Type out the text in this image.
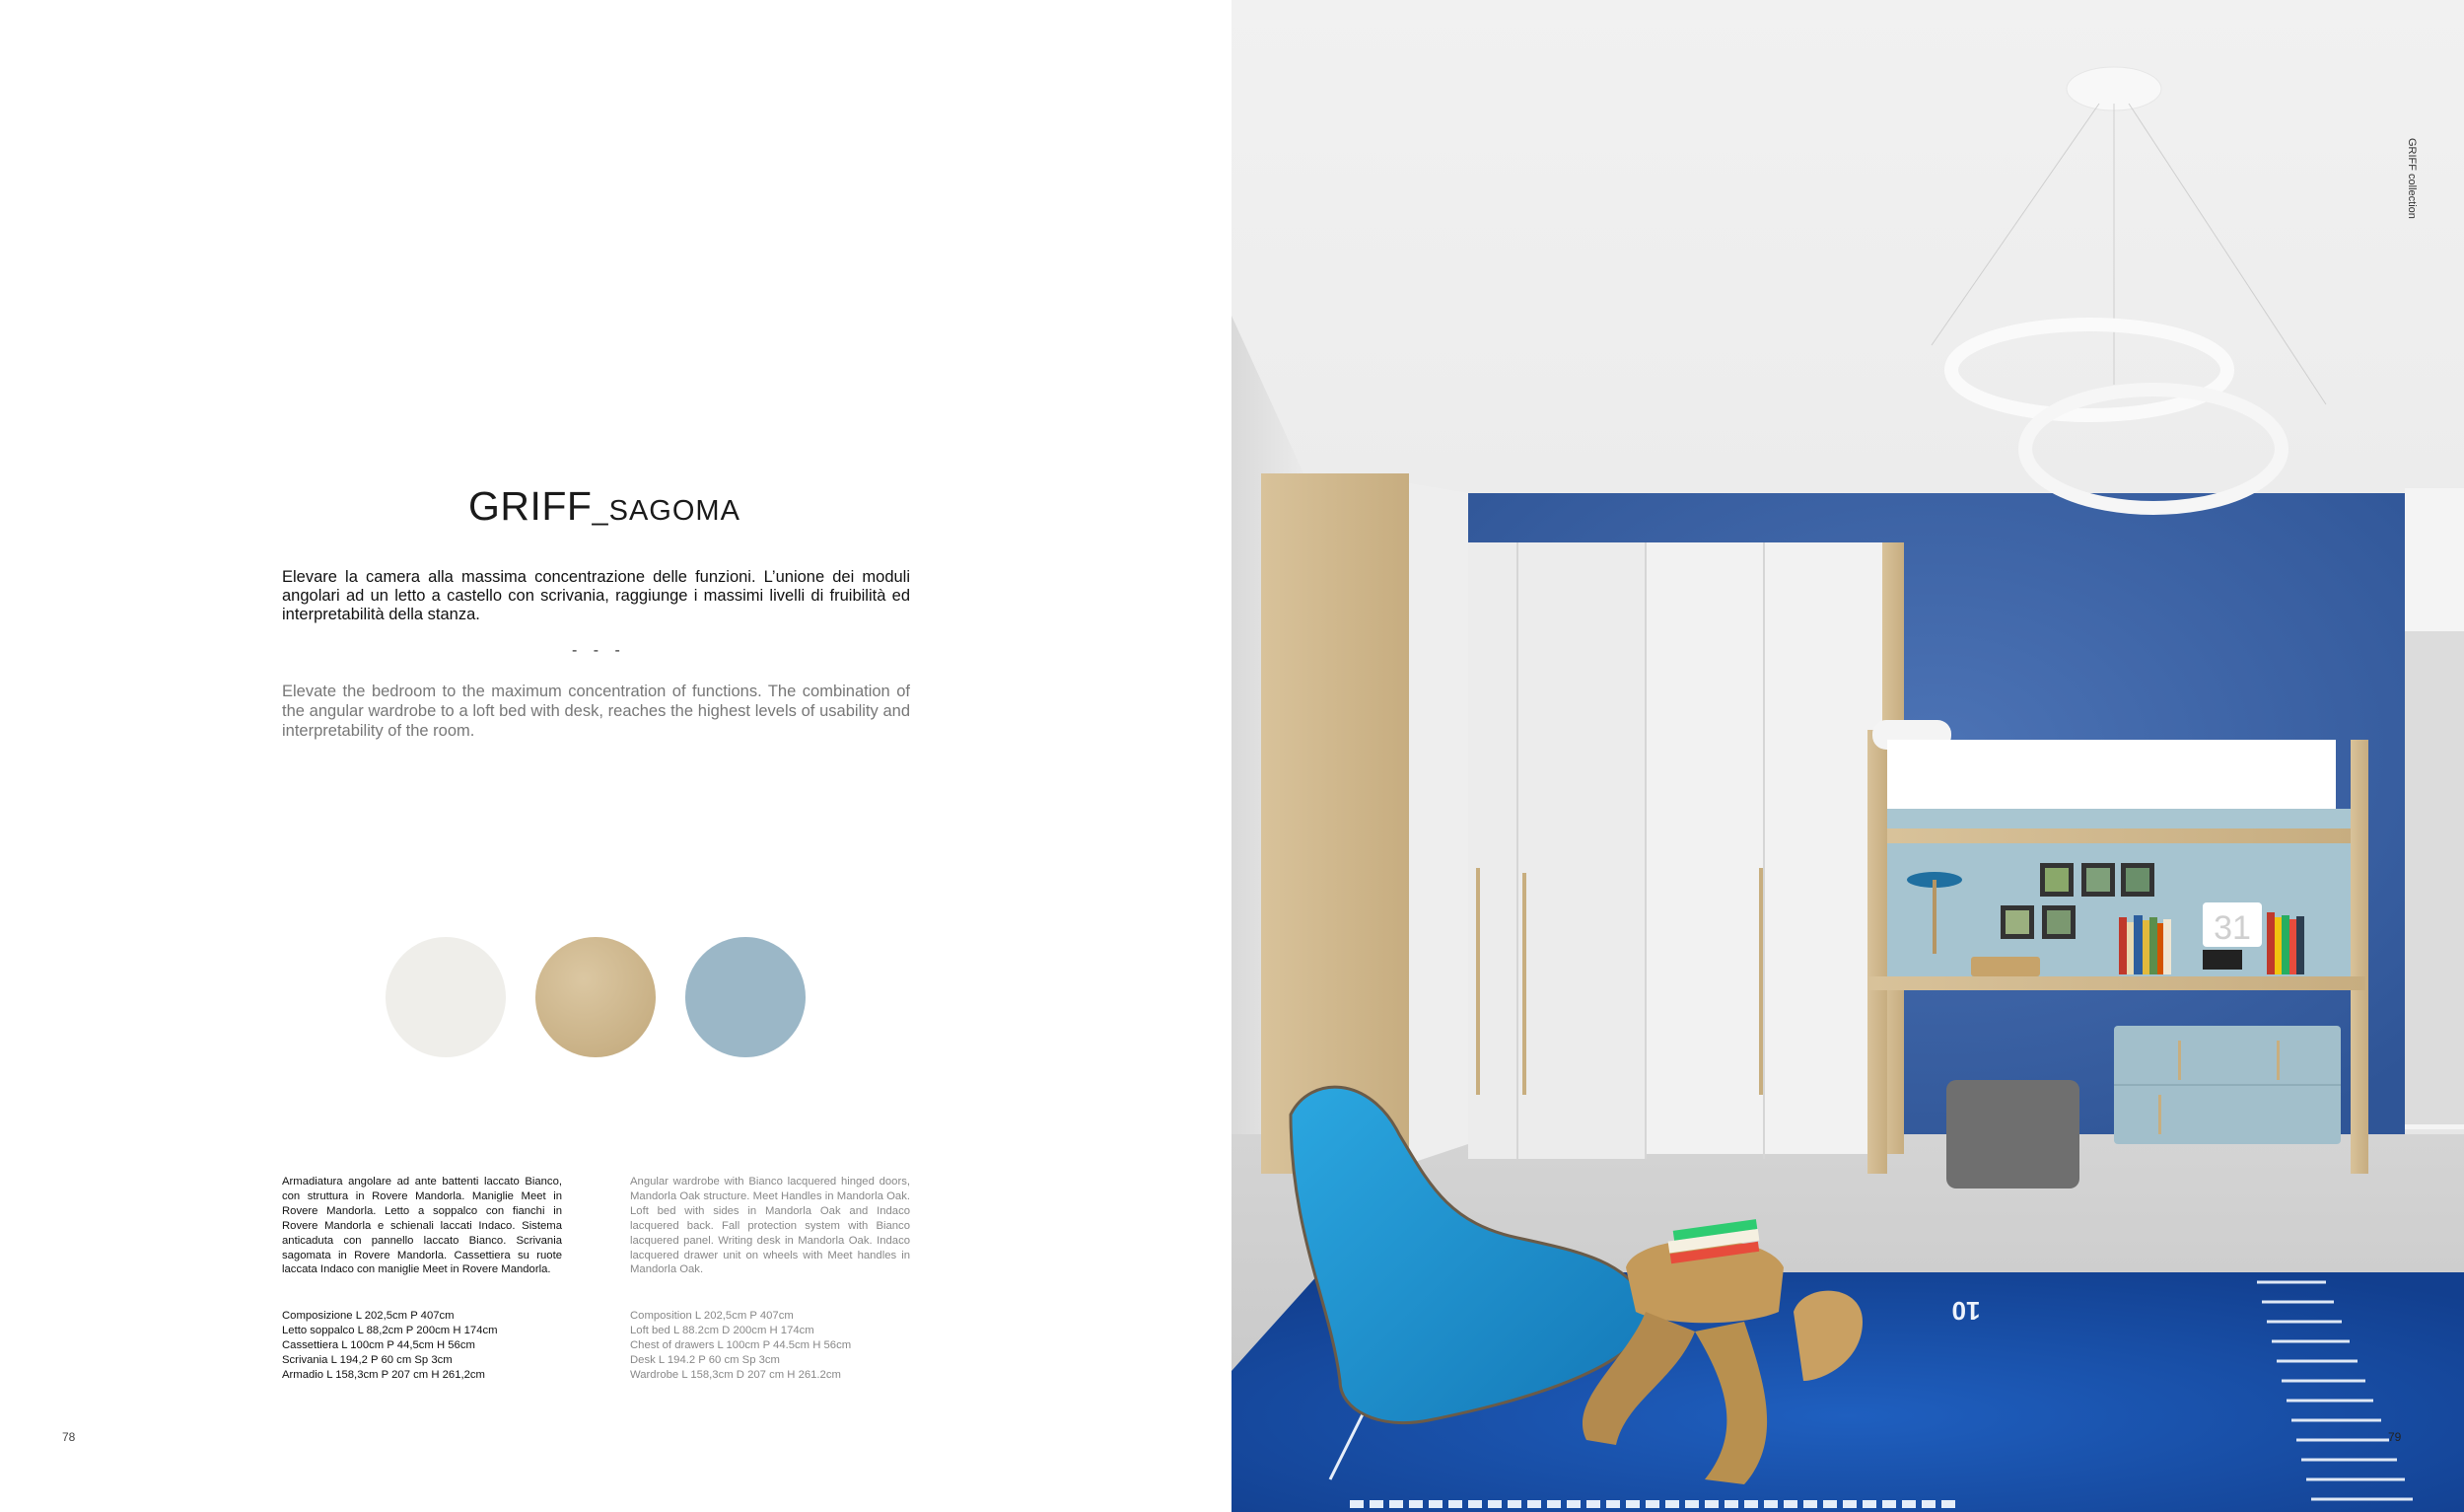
GRIFF_SAGOMA
Elevare la camera alla massima concentrazione delle funzioni. L’unione dei moduli angolari ad un letto a castello con scrivania, raggiunge i massimi livelli di fruibilità ed interpretabilità della stanza.
- - -
Elevate the bedroom to the maximum concentration of functions. The combination of the angular wardrobe to a loft bed with desk, reaches the highest levels of usability and interpretability of the room.
Armadiatura angolare ad ante battenti laccato Bianco, con struttura in Rovere Mandorla. Maniglie Meet in Rovere Mandorla. Letto a soppalco con fianchi in Rovere Mandorla e schienali laccati Indaco. Sistema anticaduta con pannello laccato Bianco. Scrivania sagomata in Rovere Mandorla. Cassettiera su ruote laccata Indaco con maniglie Meet in Rovere Mandorla.
Angular wardrobe with Bianco lacquered hinged doors, Mandorla Oak structure. Meet Handles in Mandorla Oak. Loft bed with sides in Mandorla Oak and Indaco lacquered back. Fall protection system with Bianco lacquered panel. Writing desk in Mandorla Oak. Indaco lacquered drawer unit on wheels with Meet handles in Mandorla Oak.
Composizione L 202,5cm P 407cm
Letto soppalco L 88,2cm P 200cm H 174cm
Cassettiera L 100cm P 44,5cm H 56cm
Scrivania L 194,2 P 60 cm Sp 3cm
Armadio L 158,3cm P 207 cm H 261,2cm
Composition L 202,5cm P 407cm
Loft bed L 88.2cm D 200cm H 174cm
Chest of drawers L 100cm P 44.5cm H 56cm
Desk L 194.2 P 60 cm Sp 3cm
Wardrobe L 158,3cm D 207 cm H 261.2cm
78
31
10
GRIFF collection
79
